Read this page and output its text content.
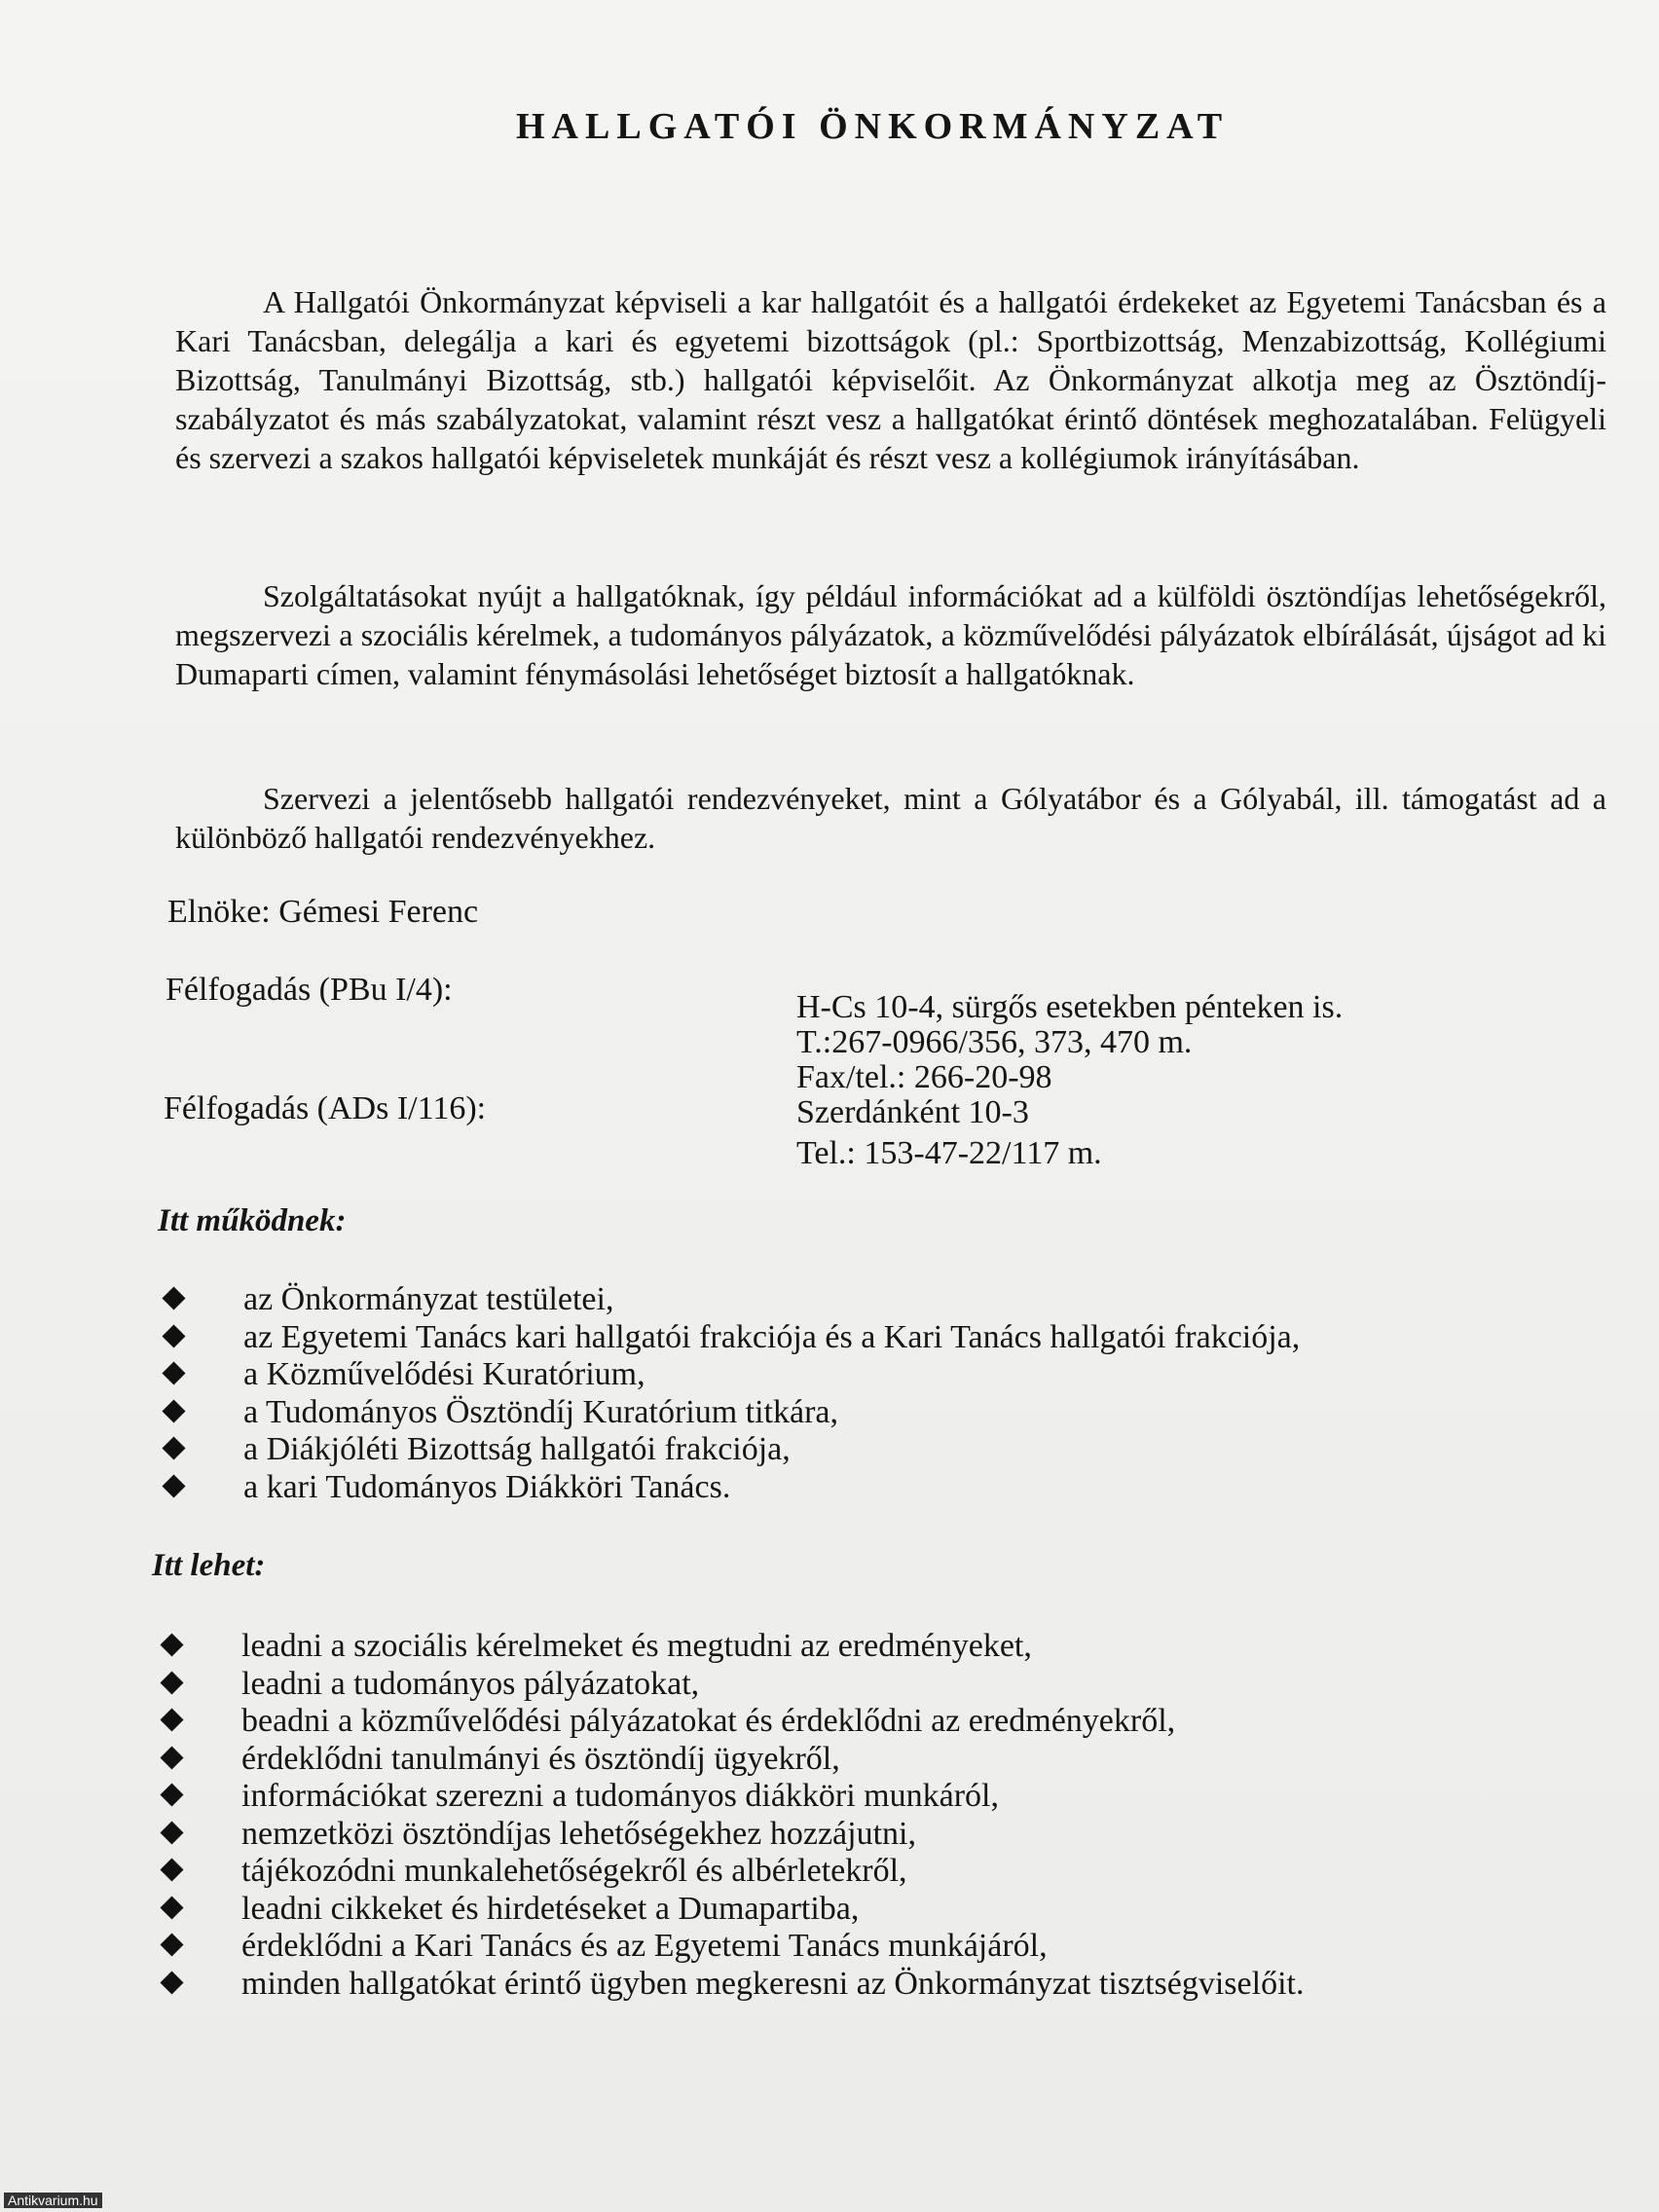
HALLGATÓI ÖNKORMÁNYZAT

A Hallgatói Önkormányzat képviseli a kar hallgatóit és a hallgatói érdekeket az Egyetemi Tanácsban és a Kari Tanácsban, delegálja a kari és egyetemi bizottságok (pl.: Sportbizottság, Menzabizottság, Kollégiumi Bizottság, Tanulmányi Bizottság, stb.) hallgatói képviselőit. Az Önkormányzat alkotja meg az Ösztöndíj-szabályzatot és más szabályzatokat, valamint részt vesz a hallgatókat érintő döntések meghozatalában. Felügyeli és szervezi a szakos hallgatói képviseletek munkáját és részt vesz a kollégiumok irányításában.

Szolgáltatásokat nyújt a hallgatóknak, így például információkat ad a külföldi ösztöndíjas lehetőségekről, megszervezi a szociális kérelmek, a tudományos pályázatok, a közművelődési pályázatok elbírálását, újságot ad ki Dumaparti címen, valamint fénymásolási lehetőséget biztosít a hallgatóknak.

Szervezi a jelentősebb hallgatói rendezvényeket, mint a Gólyatábor és a Gólyabál, ill. támogatást ad a különböző hallgatói rendezvényekhez.

Elnöke: Gémesi Ferenc
Félfogadás (PBu I/4):	H-Cs 10-4, sürgős esetekben pénteken is.
T.:267-0966/356, 373, 470 m.
Fax/tel.: 266-20-98
Félfogadás (ADs I/116):	Szerdánként 10-3
Tel.: 153-47-22/117 m.
Itt működnek:
az Önkormányzat testületei,
az Egyetemi Tanács kari hallgatói frakciója és a Kari Tanács hallgatói frakciója,
a Közművelődési Kuratórium,
a Tudományos Ösztöndíj Kuratórium titkára,
a Diákjóléti Bizottság hallgatói frakciója,
a kari Tudományos Diákköri Tanács.
Itt lehet:
leadni a szociális kérelmeket és megtudni az eredményeket,
leadni a tudományos pályázatokat,
beadni a közművelődési pályázatokat és érdeklődni az eredményekről,
érdeklődni tanulmányi és ösztöndíj ügyekről,
információkat szerezni a tudományos diákköri munkáról,
nemzetközi ösztöndíjas lehetőségekhez hozzájutni,
tájékozódni munkalehetőségekről és albérletekről,
leadni cikkeket és hirdetéseket a Dumapartiba,
érdeklődni a Kari Tanács és az Egyetemi Tanács munkájáról,
minden hallgatókat érintő ügyben megkeresni az Önkormányzat tisztségviselőit.
Antikvarium.hu
